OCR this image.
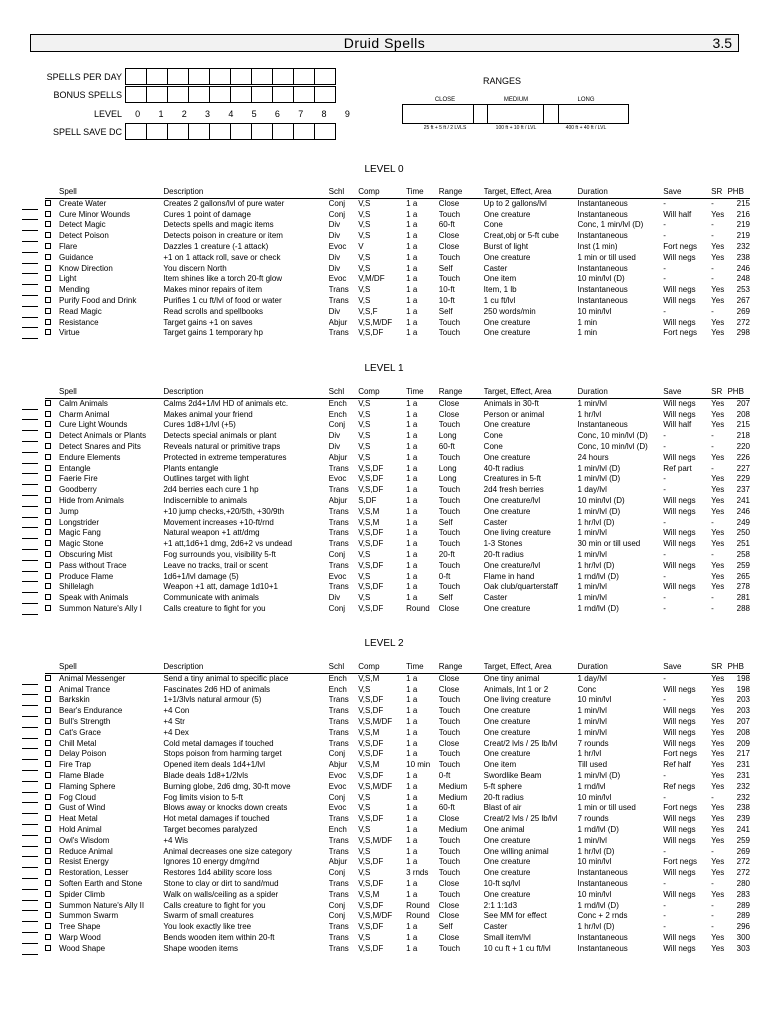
Druid Spells	3.5
SPELLS PER DAY
BONUS SPELLS
LEVEL
SPELL SAVE DC
0	1	2	3	4	5	6	7	8	9
RANGES
CLOSE
25 ft + 5 ft / 2 LVLS
MEDIUM
100 ft + 10 ft / LVL
LONG
400 ft + 40 ft / LVL
LEVEL 0
Spell	Description	Schl	Comp	Time	Range	Target, Effect, Area	Duration	Save	SR	PHB
Create Water	Creates 2 gallons/lvl of pure water	Conj	V,S	1 a	Close	Up to 2 gallons/lvl	Instantaneous	-	-	215
Cure Minor Wounds	Cures 1 point of damage	Conj	V,S	1 a	Touch	One creature	Instantaneous	Will half	Yes	216
Detect Magic	Detects spells and magic items	Div	V,S	1 a	60-ft	Cone	Conc, 1 min/lvl (D)	-	-	219
Detect Poison	Detects poison in creature or item	Div	V,S	1 a	Close	Creat,obj or 5-ft cube	Instantaneous	-	-	219
Flare	Dazzles 1 creature (-1 attack)	Evoc	V	1 a	Close	Burst of light	Inst (1 min)	Fort negs	Yes	232
Guidance	+1 on 1 attack roll, save or check	Div	V,S	1 a	Touch	One creature	1 min or till used	Will negs	Yes	238
Know Direction	You discern North	Div	V,S	1 a	Self	Caster	Instantaneous	-	-	246
Light	Item shines like a torch 20-ft glow	Evoc	V,M/DF	1 a	Touch	One item	10 min/lvl (D)	-	-	248
Mending	Makes minor repairs of item	Trans	V,S	1 a	10-ft	Item, 1 lb	Instantaneous	Will negs	Yes	253
Purify Food and Drink	Purifies 1 cu ft/lvl of food or water	Trans	V,S	1 a	10-ft	1 cu ft/lvl	Instantaneous	Will negs	Yes	267
Read Magic	Read scrolls and spellbooks	Div	V,S,F	1 a	Self	250 words/min	10 min/lvl	-	-	269
Resistance	Target gains +1 on saves	Abjur	V,S,M/DF	1 a	Touch	One creature	1 min	Will negs	Yes	272
Virtue	Target gains 1 temporary hp	Trans	V,S,DF	1 a	Touch	One creature	1 min	Fort negs	Yes	298
LEVEL 1
Spell	Description	Schl	Comp	Time	Range	Target, Effect, Area	Duration	Save	SR	PHB
Calm Animals	Calms 2d4+1/lvl HD of animals etc.	Ench	V,S	1 a	Close	Animals in 30-ft	1 min/lvl	Will negs	Yes	207
Charm Animal	Makes animal your friend	Ench	V,S	1 a	Close	Person or animal	1 hr/lvl	Will negs	Yes	208
Cure Light Wounds	Cures 1d8+1/lvl (+5)	Conj	V,S	1 a	Touch	One creature	Instantaneous	Will half	Yes	215
Detect Animals or Plants	Detects special animals or plant	Div	V,S	1 a	Long	Cone	Conc, 10 min/lvl (D)	-	-	218
Detect Snares and Pits	Reveals natural or primitive traps	Div	V,S	1 a	60-ft	Cone	Conc, 10 min/lvl (D)	-	-	220
Endure Elements	Protected in extreme temperatures	Abjur	V,S	1 a	Touch	One creature	24 hours	Will negs	Yes	226
Entangle	Plants entangle	Trans	V,S,DF	1 a	Long	40-ft radius	1 min/lvl (D)	Ref part	-	227
Faerie Fire	Outlines target with light	Evoc	V,S,DF	1 a	Long	Creatures in 5-ft	1 min/lvl (D)	-	Yes	229
Goodberry	2d4 berries each cure 1 hp	Trans	V,S,DF	1 a	Touch	2d4 fresh berries	1 day/lvl	-	Yes	237
Hide from Animals	Indiscernible to animals	Abjur	S,DF	1 a	Touch	One creature/lvl	10 min/lvl (D)	Will negs	Yes	241
Jump	+10 jump checks,+20/5th, +30/9th	Trans	V,S,M	1 a	Touch	One creature	1 min/lvl (D)	Will negs	Yes	246
Longstrider	Movement increases +10-ft/rnd	Trans	V,S,M	1 a	Self	Caster	1 hr/lvl (D)	-	-	249
Magic Fang	Natural weapon +1 att/dmg	Trans	V,S,DF	1 a	Touch	One living creature	1 min/lvl	Will negs	Yes	250
Magic Stone	+1 att,1d6+1 dmg, 2d6+2 vs undead	Trans	V,S,DF	1 a	Touch	1-3 Stones	30 min or till used	Will negs	Yes	251
Obscuring Mist	Fog surrounds you, visibility 5-ft	Conj	V,S	1 a	20-ft	20-ft radius	1 min/lvl	-	-	258
Pass without Trace	Leave no tracks, trail or scent	Trans	V,S,DF	1 a	Touch	One creature/lvl	1 hr/lvl (D)	Will negs	Yes	259
Produce Flame	1d6+1/lvl damage (5)	Evoc	V,S	1 a	0-ft	Flame in hand	1 rnd/lvl (D)	-	Yes	265
Shillelagh	Weapon +1 att, damage 1d10+1	Trans	V,S,DF	1 a	Touch	Oak club/quarterstaff	1 min/lvl	Will negs	Yes	278
Speak with Animals	Communicate with animals	Div	V,S	1 a	Self	Caster	1 min/lvl	-	-	281
Summon Nature's Ally I	Calls creature to fight for you	Conj	V,S,DF	Round	Close	One creature	1 rnd/lvl (D)	-	-	288
LEVEL 2
Spell	Description	Schl	Comp	Time	Range	Target, Effect, Area	Duration	Save	SR	PHB
Animal Messenger	Send a tiny animal to specific place	Ench	V,S,M	1 a	Close	One tiny animal	1 day/lvl	-	Yes	198
Animal Trance	Fascinates 2d6 HD of animals	Ench	V,S	1 a	Close	Animals, Int 1 or 2	Conc	Will negs	Yes	198
Barkskin	1+1/3lvls natural armour (5)	Trans	V,S,DF	1 a	Touch	One living creature	10 min/lvl	-	Yes	203
Bear's Endurance	+4 Con	Trans	V,S,DF	1 a	Touch	One creature	1 min/lvl	Will negs	Yes	203
Bull's Strength	+4 Str	Trans	V,S,M/DF	1 a	Touch	One creature	1 min/lvl	Will negs	Yes	207
Cat's Grace	+4 Dex	Trans	V,S,M	1 a	Touch	One creature	1 min/lvl	Will negs	Yes	208
Chill Metal	Cold metal damages if touched	Trans	V,S,DF	1 a	Close	Creat/2 lvls / 25 lb/lvl	7 rounds	Will negs	Yes	209
Delay Poison	Stops poison from harming target	Conj	V,S,DF	1 a	Touch	One creature	1 hr/lvl	Fort negs	Yes	217
Fire Trap	Opened item deals 1d4+1/lvl	Abjur	V,S,M	10 min	Touch	One item	Till used	Ref half	Yes	231
Flame Blade	Blade deals 1d8+1/2lvls	Evoc	V,S,DF	1 a	0-ft	Swordlike Beam	1 min/lvl (D)	-	Yes	231
Flaming Sphere	Burning globe, 2d6 dmg, 30-ft move	Evoc	V,S,M/DF	1 a	Medium	5-ft sphere	1 rnd/lvl	Ref negs	Yes	232
Fog Cloud	Fog limits vision to 5-ft	Conj	V,S	1 a	Medium	20-ft radius	10 min/lvl	-	-	232
Gust of Wind	Blows away or knocks down creats	Evoc	V,S	1 a	60-ft	Blast of air	1 min or till used	Fort negs	Yes	238
Heat Metal	Hot metal damages if touched	Trans	V,S,DF	1 a	Close	Creat/2 lvls / 25 lb/lvl	7 rounds	Will negs	Yes	239
Hold Animal	Target becomes paralyzed	Ench	V,S	1 a	Medium	One animal	1 rnd/lvl (D)	Will negs	Yes	241
Owl's Wisdom	+4 Wis	Trans	V,S,M/DF	1 a	Touch	One creature	1 min/lvl	Will negs	Yes	259
Reduce Animal	Animal decreases one size category	Trans	V,S	1 a	Touch	One willing animal	1 hr/lvl (D)	-	-	269
Resist Energy	Ignores 10 energy dmg/rnd	Abjur	V,S,DF	1 a	Touch	One creature	10 min/lvl	Fort negs	Yes	272
Restoration, Lesser	Restores 1d4 ability score loss	Conj	V,S	3 rnds	Touch	One creature	Instantaneous	Will negs	Yes	272
Soften Earth and Stone	Stone to clay or dirt to sand/mud	Trans	V,S,DF	1 a	Close	10-ft sq/lvl	Instantaneous	-	-	280
Spider Climb	Walk on walls/ceiling as a spider	Trans	V,S,M	1 a	Touch	One creature	10 min/lvl	Will negs	Yes	283
Summon Nature's Ally II	Calls creature to fight for you	Conj	V,S,DF	Round	Close	2:1 1:1d3	1 rnd/lvl (D)	-	-	289
Summon Swarm	Swarm of small creatures	Conj	V,S,M/DF	Round	Close	See MM for effect	Conc + 2 rnds	-	-	289
Tree Shape	You look exactly like tree	Trans	V,S,DF	1 a	Self	Caster	1 hr/lvl (D)	-	-	296
Warp Wood	Bends wooden item within 20-ft	Trans	V,S	1 a	Close	Small item/lvl	Instantaneous	Will negs	Yes	300
Wood Shape	Shape wooden items	Trans	V,S,DF	1 a	Touch	10 cu ft + 1 cu ft/lvl	Instantaneous	Will negs	Yes	303
